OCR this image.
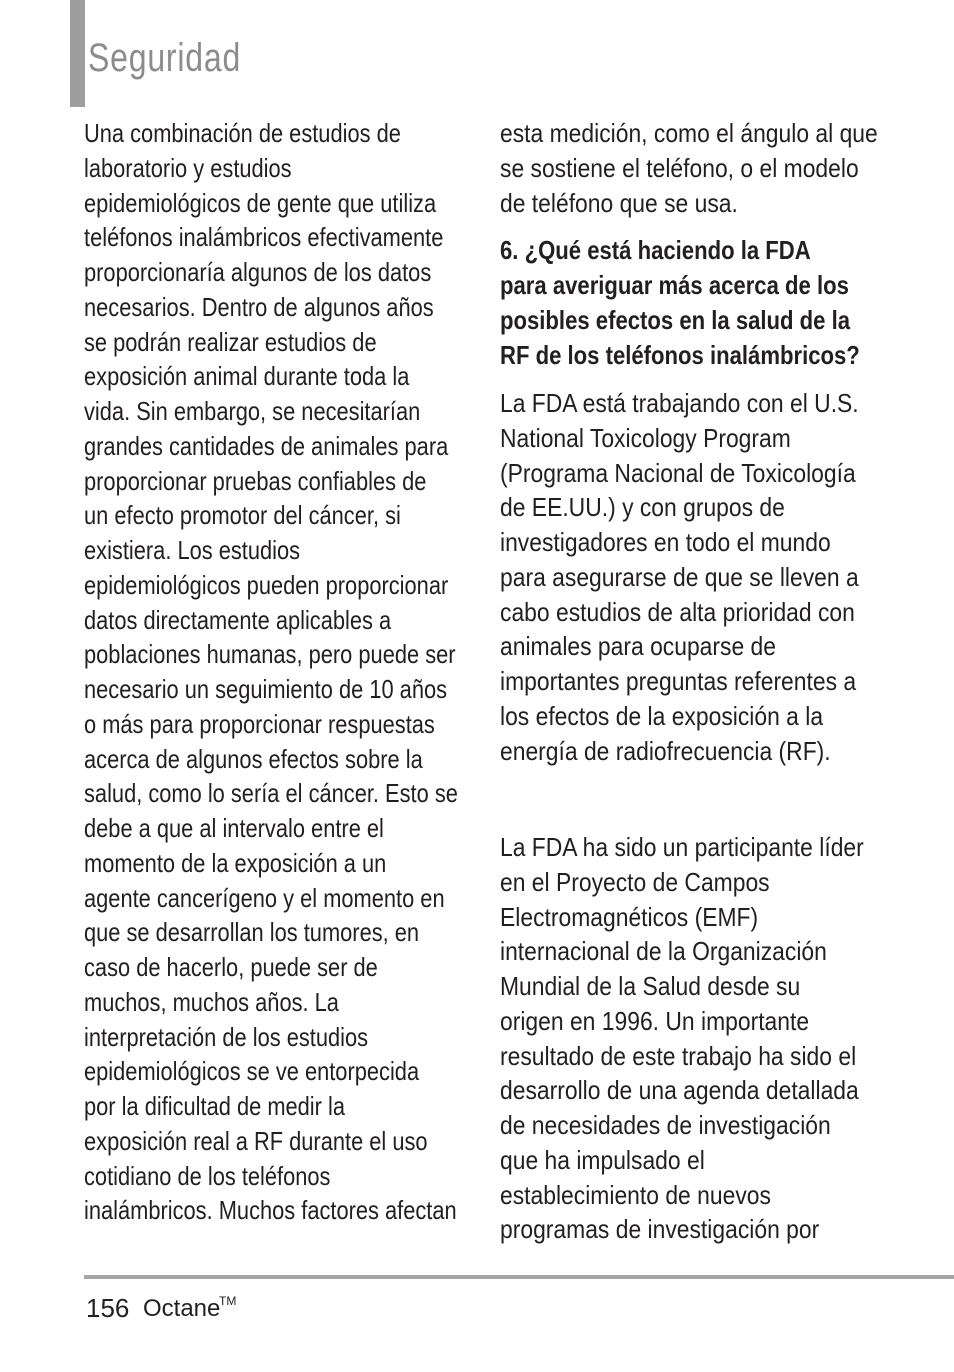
Seguridad
Una combinación de estudios de
laboratorio y estudios
epidemiológicos de gente que utiliza
teléfonos inalámbricos efectivamente
proporcionaría algunos de los datos
necesarios. Dentro de algunos años
se podrán realizar estudios de
exposición animal durante toda la
vida. Sin embargo, se necesitarían
grandes cantidades de animales para
proporcionar pruebas confiables de
un efecto promotor del cáncer, si
existiera. Los estudios
epidemiológicos pueden proporcionar
datos directamente aplicables a
poblaciones humanas, pero puede ser
necesario un seguimiento de 10 años
o más para proporcionar respuestas
acerca de algunos efectos sobre la
salud, como lo sería el cáncer. Esto se
debe a que al intervalo entre el
momento de la exposición a un
agente cancerígeno y el momento en
que se desarrollan los tumores, en
caso de hacerlo, puede ser de
muchos, muchos años. La
interpretación de los estudios
epidemiológicos se ve entorpecida
por la dificultad de medir la
exposición real a RF durante el uso
cotidiano de los teléfonos
inalámbricos. Muchos factores afectan
esta medición, como el ángulo al que
se sostiene el teléfono, o el modelo
de teléfono que se usa.
6. ¿Qué está haciendo la FDA
para averiguar más acerca de los
posibles efectos en la salud de la
RF de los teléfonos inalámbricos?
La FDA está trabajando con el U.S.
National Toxicology Program
(Programa Nacional de Toxicología
de EE.UU.) y con grupos de
investigadores en todo el mundo
para asegurarse de que se lleven a
cabo estudios de alta prioridad con
animales para ocuparse de
importantes preguntas referentes a
los efectos de la exposición a la
energía de radiofrecuencia (RF).
La FDA ha sido un participante líder
en el Proyecto de Campos
Electromagnéticos (EMF)
internacional de la Organización
Mundial de la Salud desde su
origen en 1996. Un importante
resultado de este trabajo ha sido el
desarrollo de una agenda detallada
de necesidades de investigación
que ha impulsado el
establecimiento de nuevos
programas de investigación por
156 Octane
TM
